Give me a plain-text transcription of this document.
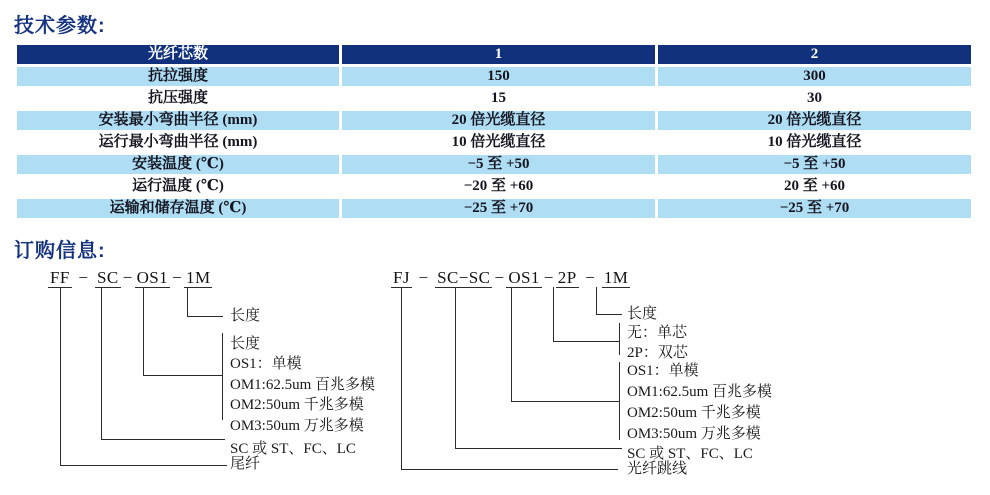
技术参数:
光纤芯数	1	2
抗拉强度	150	300
抗压强度	15	30
安装最小弯曲半径 (mm)	20 倍光缆直径	20 倍光缆直径
运行最小弯曲半径 (mm)	10 倍光缆直径	10 倍光缆直径
安装温度 (℃)	−5 至 +50	−5 至 +50
运行温度 (℃)	−20 至 +60	20 至 +60
运输和储存温度 (℃)	−25 至 +70	−25 至 +70
订购信息:
FF − SC − OS1 − 1M
长度
长度
OS1：单模
OM1:62.5um 百兆多模
OM2:50um 千兆多模
OM3:50um 万兆多模
SC 或 ST、FC、LC
尾纤
FJ − SC−SC − OS1 − 2P − 1M
长度
无：单芯
2P：双芯
OS1：单模
OM1:62.5um 百兆多模
OM2:50um 千兆多模
OM3:50um 万兆多模
SC 或 ST、FC、LC
光纤跳线
